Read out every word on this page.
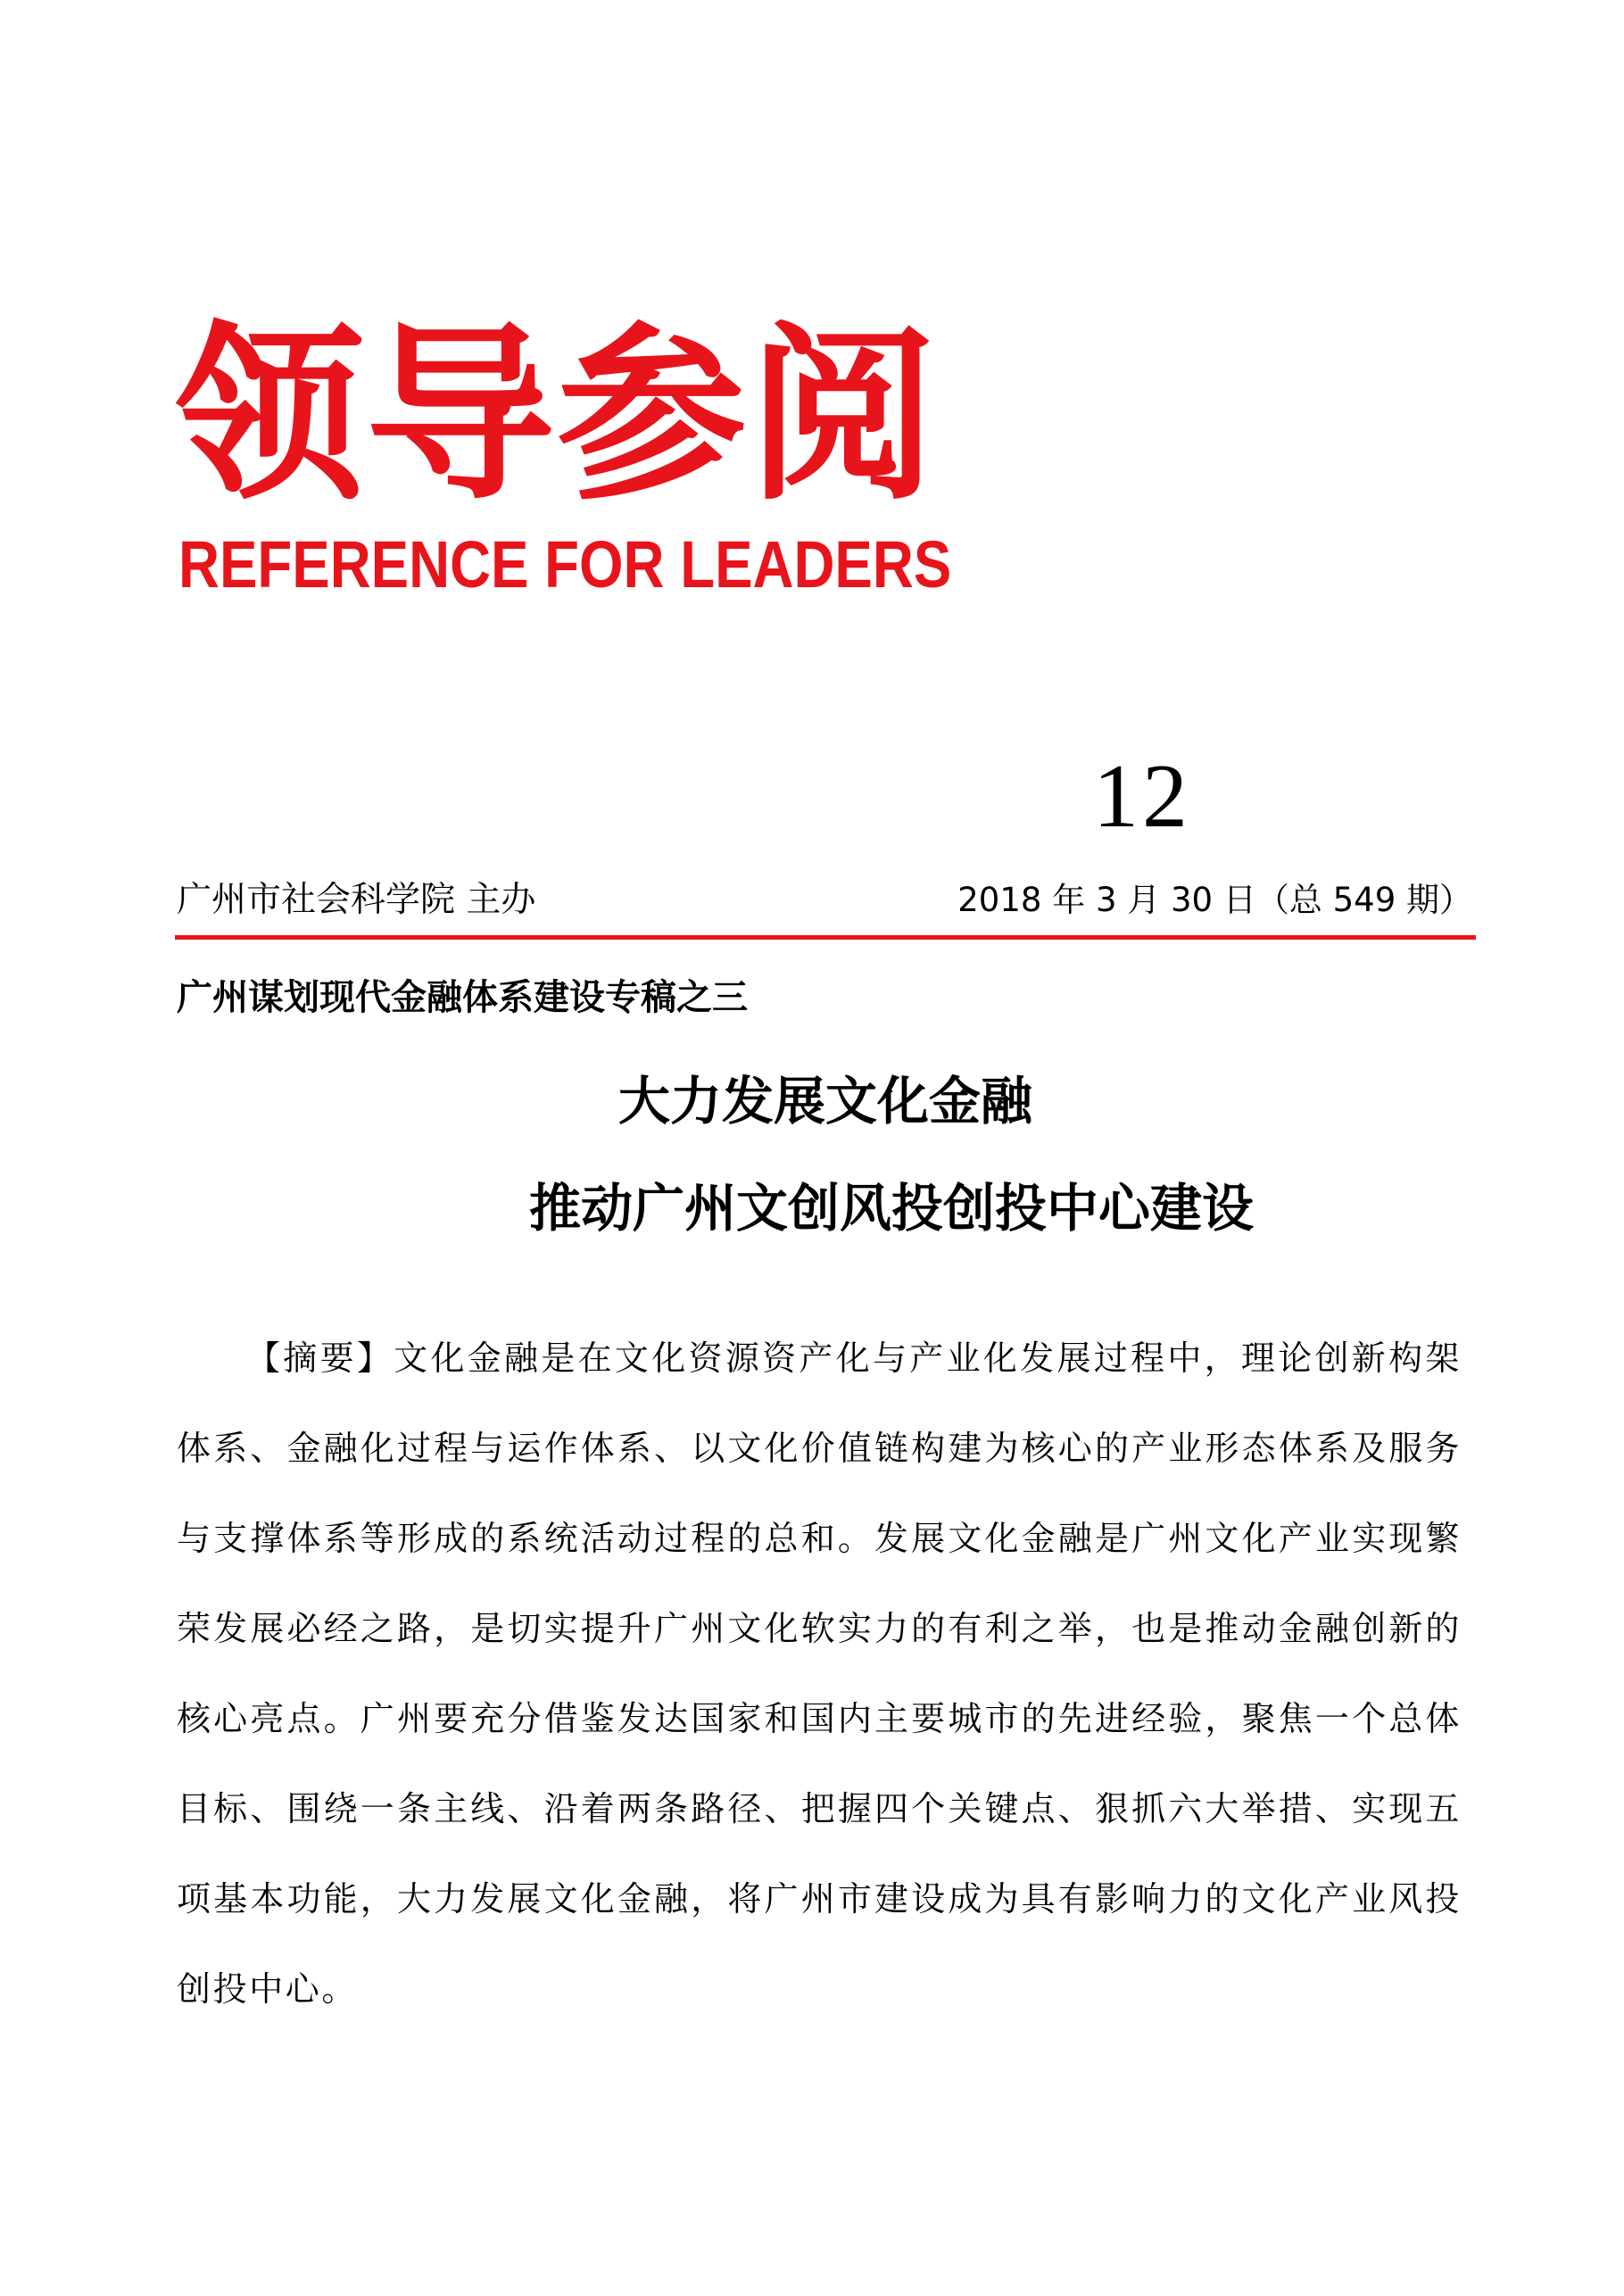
领导参阅
REFERENCE FOR LEADERS
12
广州市社会科学院 主办	2018 年 3 月 30 日（总 549 期）
广州谋划现代金融体系建设专稿之三
大力发展文化金融
推动广州文创风投创投中心建设

【摘要】文化金融是在文化资源资产化与产业化发展过程中，理论创新构架体系、金融化过程与运作体系、以文化价值链构建为核心的产业形态体系及服务与支撑体系等形成的系统活动过程的总和。发展文化金融是广州文化产业实现繁荣发展必经之路，是切实提升广州文化软实力的有利之举，也是推动金融创新的核心亮点。广州要充分借鉴发达国家和国内主要城市的先进经验，聚焦一个总体目标、围绕一条主线、沿着两条路径、把握四个关键点、狠抓六大举措、实现五项基本功能，大力发展文化金融，将广州市建设成为具有影响力的文化产业风投创投中心。
